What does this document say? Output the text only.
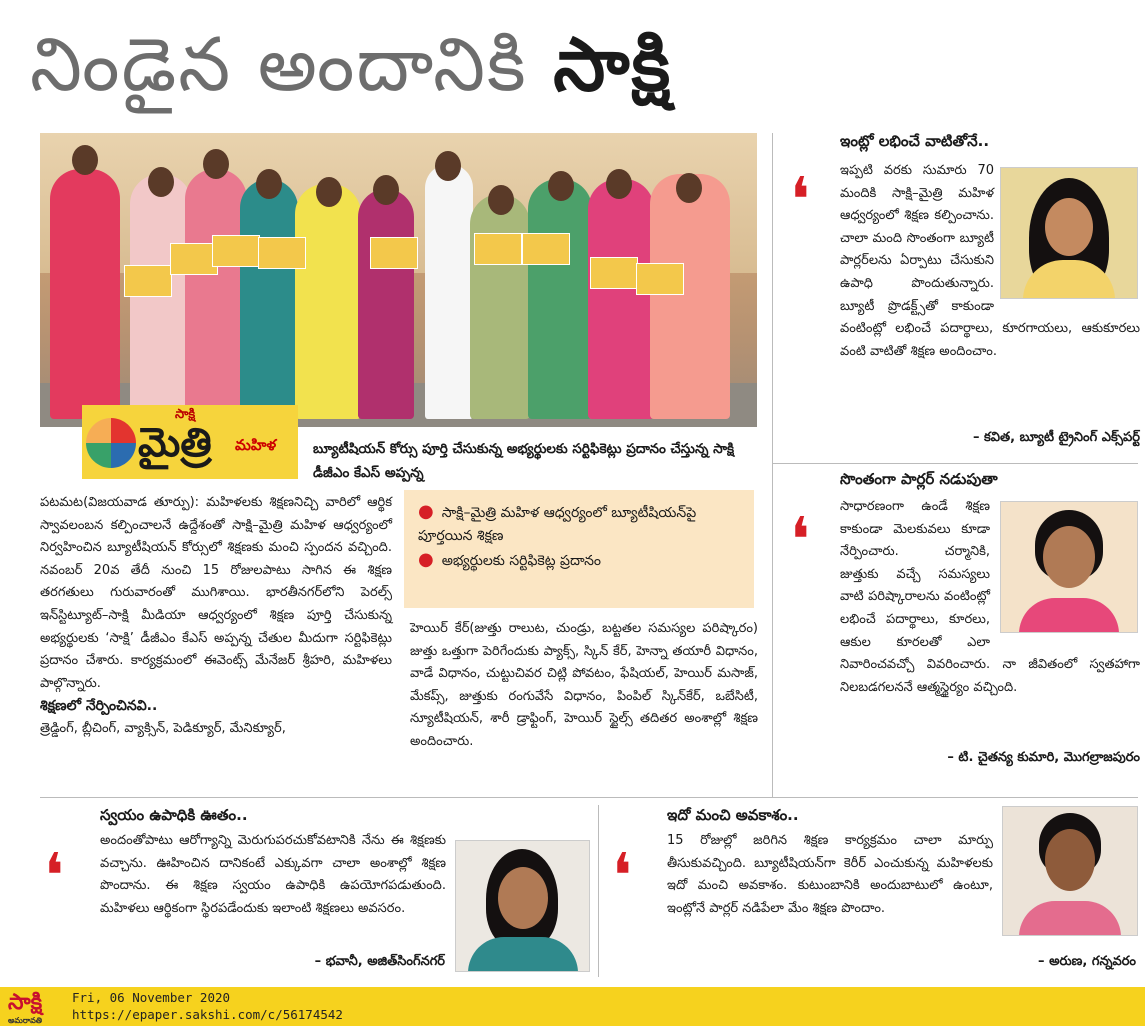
నిండైన అందానికి సాక్షి
సాక్షి
మైత్రి మహిళ	బ్యూటీషియన్‌ కోర్సు పూర్తి చేసుకున్న అభ్యర్థులకు సర్టిఫికెట్లు ప్రదానం చేస్తున్న సాక్షి డీజీఎం కేఎస్‌ అప్పన్న
పటమట(విజయవాడ తూర్పు): మహిళలకు శిక్షణనిచ్చి వారిలో ఆర్థిక స్వావలంబన కల్పించాలనే ఉద్దేశంతో సాక్షి–మైత్రి మహిళ ఆధ్వర్యంలో నిర్వహించిన బ్యూటీషియన్‌ కోర్సులో శిక్షణకు మంచి స్పందన వచ్చింది. నవంబర్‌ 20వ తేదీ నుంచి 15 రోజులపాటు సాగిన ఈ శిక్షణ తరగతులు గురువారంతో ముగిశాయి. భారతీనగర్‌లోని పెరల్స్‌ ఇన్‌స్టిట్యూట్‌–సాక్షి మీడియా ఆధ్వర్యంలో శిక్షణ పూర్తి చేసుకున్న అభ్యర్థులకు ‘సాక్షి’ డీజీఎం కేఎస్‌ అప్పన్న చేతుల మీదుగా సర్టిఫికెట్లు ప్రదానం చేశారు. కార్యక్రమంలో ఈవెంట్స్‌ మేనేజర్‌ శ్రీహరి, మహిళలు పాల్గొన్నారు.
శిక్షణలో నేర్పించినవి..
త్రెడ్డింగ్, బ్లీచింగ్, వ్యాక్సిన్, పెడిక్యూర్, మేనిక్యూర్,
● సాక్షి–మైత్రి మహిళ ఆధ్వర్యంలో బ్యూటీషియన్‌పై పూర్తయిన శిక్షణ
● అభ్యర్థులకు సర్టిఫికెట్ల ప్రదానం
హెయిర్‌ కేర్‌(జుత్తు రాలుట, చుండ్రు, బట్టతల సమస్యల పరిష్కారం) జుత్తు ఒత్తుగా పెరిగేందుకు ప్యాక్స్, స్కిన్‌ కేర్, హెన్నా తయారీ విధానం, వాడే విధానం, చుట్టుచివర చిట్లి పోవటం, ఫేషియల్, హెయిర్‌ మసాజ్, మేకప్స్, జుత్తుకు రంగువేసే విధానం, పింపిల్‌ స్కిన్‌కేర్, ఒబేసిటీ, న్యూటీషియన్, శారీ డ్రాఫ్టింగ్, హెయిర్‌ స్టైల్స్‌ తదితర అంశాల్లో శిక్షణ అందించారు.
ఇంట్లో లభించే వాటితోనే..
❛ ఇప్పటి వరకు సుమారు 70 మందికి సాక్షి–మైత్రి మహిళ ఆధ్వర్యంలో శిక్షణ కల్పించాను. చాలా మంది సొంతంగా బ్యూటీ పార్లర్‌లను ఏర్పాటు చేసుకుని ఉపాధి పొందుతున్నారు. బ్యూటీ ప్రొడక్ట్స్‌తో కాకుండా వంటింట్లో లభించే పదార్థాలు, కూరగాయలు, ఆకుకూరలు వంటి వాటితో శిక్షణ అందించాం.
– కవిత, బ్యూటీ ట్రైనింగ్‌ ఎక్స్‌పర్ట్‌
సొంతంగా పార్లర్‌ నడుపుతా
❛ సాధారణంగా ఉండే శిక్షణ కాకుండా మెలకువలు కూడా నేర్పించారు. చర్మానికి, జుత్తుకు వచ్చే సమస్యలు వాటి పరిష్కారాలను వంటింట్లో లభించే పదార్థాలు, కూరలు, ఆకుల కూరలతో ఎలా నివారించవచ్చో వివరించారు. నా జీవితంలో స్వతహాగా నిలబడగలననే ఆత్మస్థైర్యం వచ్చింది.
– టి. చైతన్య కుమారి, మొగల్రాజపురం
స్వయం ఉపాధికి ఊతం..
❛	అందంతోపాటు ఆరోగ్యాన్ని మెరుగుపరచుకోవటానికి నేను ఈ శిక్షణకు వచ్చాను. ఊహించిన దానికంటే ఎక్కువగా చాలా అంశాల్లో శిక్షణ పొందాను. ఈ శిక్షణ స్వయం ఉపాధికి ఉపయోగపడుతుంది. మహిళలు ఆర్థికంగా స్థిరపడేందుకు ఇలాంటి శిక్షణలు అవసరం.
– భవానీ, అజిత్‌సింగ్‌నగర్‌
ఇదో మంచి అవకాశం..
❛	15 రోజుల్లో జరిగిన శిక్షణ కార్యక్రమం చాలా మార్పు తీసుకువచ్చింది. బ్యూటీషియన్‌గా కెరీర్‌ ఎంచుకున్న మహిళలకు ఇదో మంచి అవకాశం. కుటుంబానికి అందుబాటులో ఉంటూ, ఇంట్లోనే పార్లర్‌ నడిపేలా మేం శిక్షణ పొందాం.
– అరుణ, గన్నవరం
సాక్షి
అమరావతి
Fri, 06 November 2020
https://epaper.sakshi.com/c/56174542
